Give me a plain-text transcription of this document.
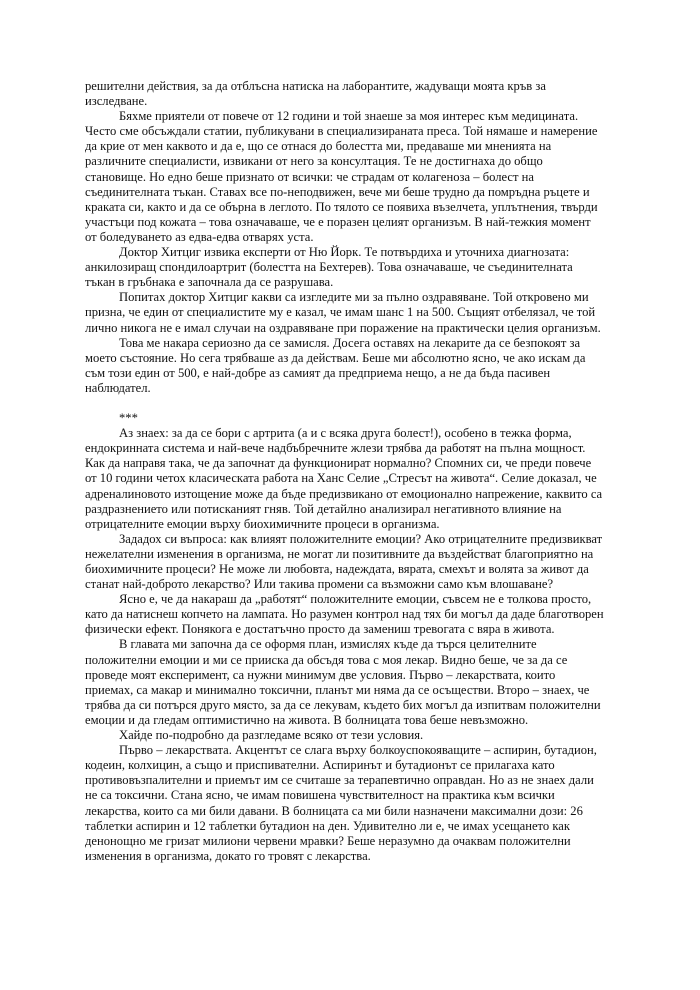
решителни действия, за да отблъсна натиска на лаборантите, жадуващи моята кръв за изследване.

Бяхме приятели от повече от 12 години и той знаеше за моя интерес към медицината. Често сме обсъждали статии, публикувани в специализираната преса. Той нямаше и намерение да крие от мен каквото и да е, що се отнася до болестта ми, предаваше ми мненията на различните специалисти, извикани от него за консултация. Те не достигнаха до общо становище. Но едно беше признато от всички: че страдам от колагеноза – болест на съединителната тъкан. Ставах все по-неподвижен, вече ми беше трудно да помръдна ръцете и краката си, както и да се обърна в леглото. По тялото се появиха възелчета, уплътнения, твърди участъци под кожата – това означаваше, че е поразен целият организъм. В най-тежкия момент от боледуването аз едва-едва отварях уста.

Доктор Хитциг извика експерти от Ню Йорк. Те потвърдиха и уточниха диагнозата: анкилозиращ спондилоартрит (болестта на Бехтерев). Това означаваше, че съединителната тъкан в гръбнака е започнала да се разрушава.

Попитах доктор Хитциг какви са изгледите ми за пълно оздравяване. Той откровено ми призна, че един от специалистите му е казал, че имам шанс 1 на 500. Същият отбелязал, че той лично никога не е имал случаи на оздравяване при поражение на практически целия организъм.

Това ме накара сериозно да се замисля. Досега оставях на лекарите да се безпокоят за моето състояние. Но сега трябваше аз да действам. Беше ми абсолютно ясно, че ако искам да съм този един от 500, е най-добре аз самият да предприема нещо, а не да бъда пасивен наблюдател.

***

Аз знаех: за да се бори с артрита (а и с всяка друга болест!), особено в тежка форма, ендокринната система и най-вече надбъбречните жлези трябва да работят на пълна мощност. Как да направя така, че да започнат да функционират нормално? Спомних си, че преди повече от 10 години четох класическата работа на Ханс Селие „Стресът на живота“. Селие доказал, че адреналиновото изтощение може да бъде предизвикано от емоционално напрежение, каквито са раздразнението или потисканият гняв. Той детайлно анализирал негативното влияние на отрицателните емоции върху биохимичните процеси в организма.

Зададох си въпроса: как влияят положителните емоции? Ако отрицателните предизвикват нежелателни изменения в организма, не могат ли позитивните да въздействат благоприятно на биохимичните процеси? Не може ли любовта, надеждата, вярата, смехът и волята за живот да станат най-доброто лекарство? Или такива промени са възможни само към влошаване?

Ясно е, че да накараш да „работят“ положителните емоции, съвсем не е толкова просто, като да натиснеш копчето на лампата. Но разумен контрол над тях би могъл да даде благотворен физически ефект. Понякога е достатъчно просто да замениш тревогата с вяра в живота.

В главата ми започна да се оформя план, измислях къде да търся целителните положителни емоции и ми се прииска да обсъдя това с моя лекар. Видно беше, че за да се проведе моят експеримент, са нужни минимум две условия. Първо – лекарствата, които приемах, са макар и минимално токсични, планът ми няма да се осъществи. Второ – знаех, че трябва да си потърся друго място, за да се лекувам, където бих могъл да изпитвам положителни емоции и да гледам оптимистично на живота. В болницата това беше невъзможно.

Хайде по-подробно да разгледаме всяко от тези условия.

Първо – лекарствата. Акцентът се слага върху болкоуспокояващите – аспирин, бутадион, кодеин, колхицин, а също и приспивателни. Аспиринът и бутадионът се прилагаха като противовъзпалителни и приемът им се считаше за терапевтично оправдан. Но аз не знаех дали не са токсични. Стана ясно, че имам повишена чувствителност на практика към всички лекарства, които са ми били давани. В болницата са ми били назначени максимални дози: 26 таблетки аспирин и 12 таблетки бутадион на ден. Удивително ли е, че имах усещането как денонощно ме гризат милиони червени мравки? Беше неразумно да очаквам положителни изменения в организма, докато го тровят с лекарства.
